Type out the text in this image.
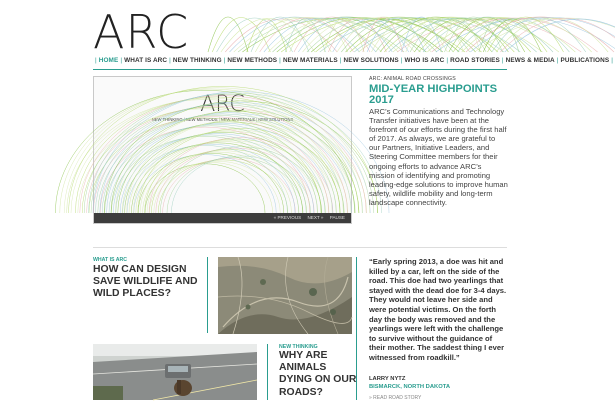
ARC
| HOME | WHAT IS ARC | NEW THINKING | NEW METHODS | NEW MATERIALS | NEW SOLUTIONS | WHO IS ARC | ROAD STORIES | NEWS & MEDIA | PUBLICATIONS |
ARC
NEW THINKING|NEW METHODS|NEW MATERIALS|NEW SOLUTIONS
« PREVIOUS NEXT » PAUSE
ARC: ANIMAL ROAD CROSSINGS
MID-YEAR HIGHPOINTS 2017
ARC’s Communications and Technology Transfer initiatives have been at the forefront of our efforts during the first half of 2017. As always, we are grateful to our Partners, Initiative Leaders, and Steering Committee members for their ongoing efforts to advance ARC’s mission of identifying and promoting leading-edge solutions to improve human safety, wildlife mobility and long-term landscape connectivity.
WHAT IS ARC
HOW CAN DESIGN SAVE WILDLIFE AND WILD PLACES?
“Early spring 2013, a doe was hit and killed by a car, left on the side of the road. This doe had two yearlings that stayed with the dead doe for 3-4 days. They would not leave her side and were potential victims. On the forth day the body was removed and the yearlings were left with the challenge to survive without the guidance of their mother. The saddest thing I ever witnessed from roadkill.”
LARRY NYTZ
BISMARCK, NORTH DAKOTA
» READ ROAD STORY
NEW THINKING
WHY ARE ANIMALS DYING ON OUR ROADS?
